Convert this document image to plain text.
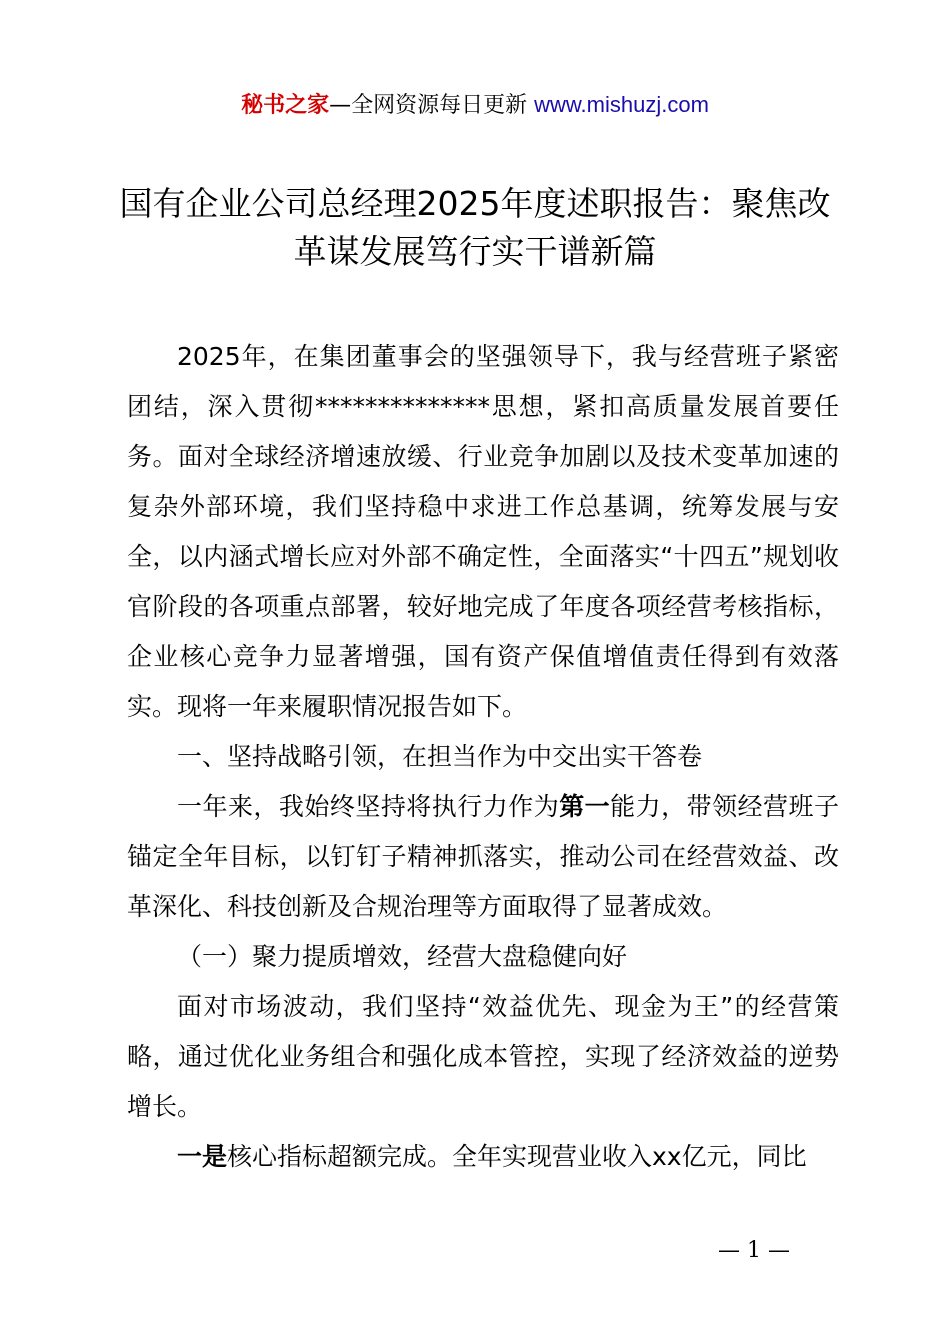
秘书之家—全网资源每日更新 www.mishuzj.com
国有企业公司总经理2025年度述职报告：聚焦改革谋发展笃行实干谱新篇

2025年，在集团董事会的坚强领导下，我与经营班子紧密团结，深入贯彻**************思想，紧扣高质量发展首要任务。面对全球经济增速放缓、行业竞争加剧以及技术变革加速的复杂外部环境，我们坚持稳中求进工作总基调，统筹发展与安全，以内涵式增长应对外部不确定性，全面落实“十四五”规划收官阶段的各项重点部署，较好地完成了年度各项经营考核指标，企业核心竞争力显著增强，国有资产保值增值责任得到有效落实。现将一年来履职情况报告如下。

一、坚持战略引领，在担当作为中交出实干答卷

一年来，我始终坚持将执行力作为第一能力，带领经营班子锚定全年目标，以钉钉子精神抓落实，推动公司在经营效益、改革深化、科技创新及合规治理等方面取得了显著成效。

（一）聚力提质增效，经营大盘稳健向好

面对市场波动，我们坚持“效益优先、现金为王”的经营策略，通过优化业务组合和强化成本管控，实现了经济效益的逆势增长。

一是核心指标超额完成。全年实现营业收入xx亿元，同比

— 1 —
